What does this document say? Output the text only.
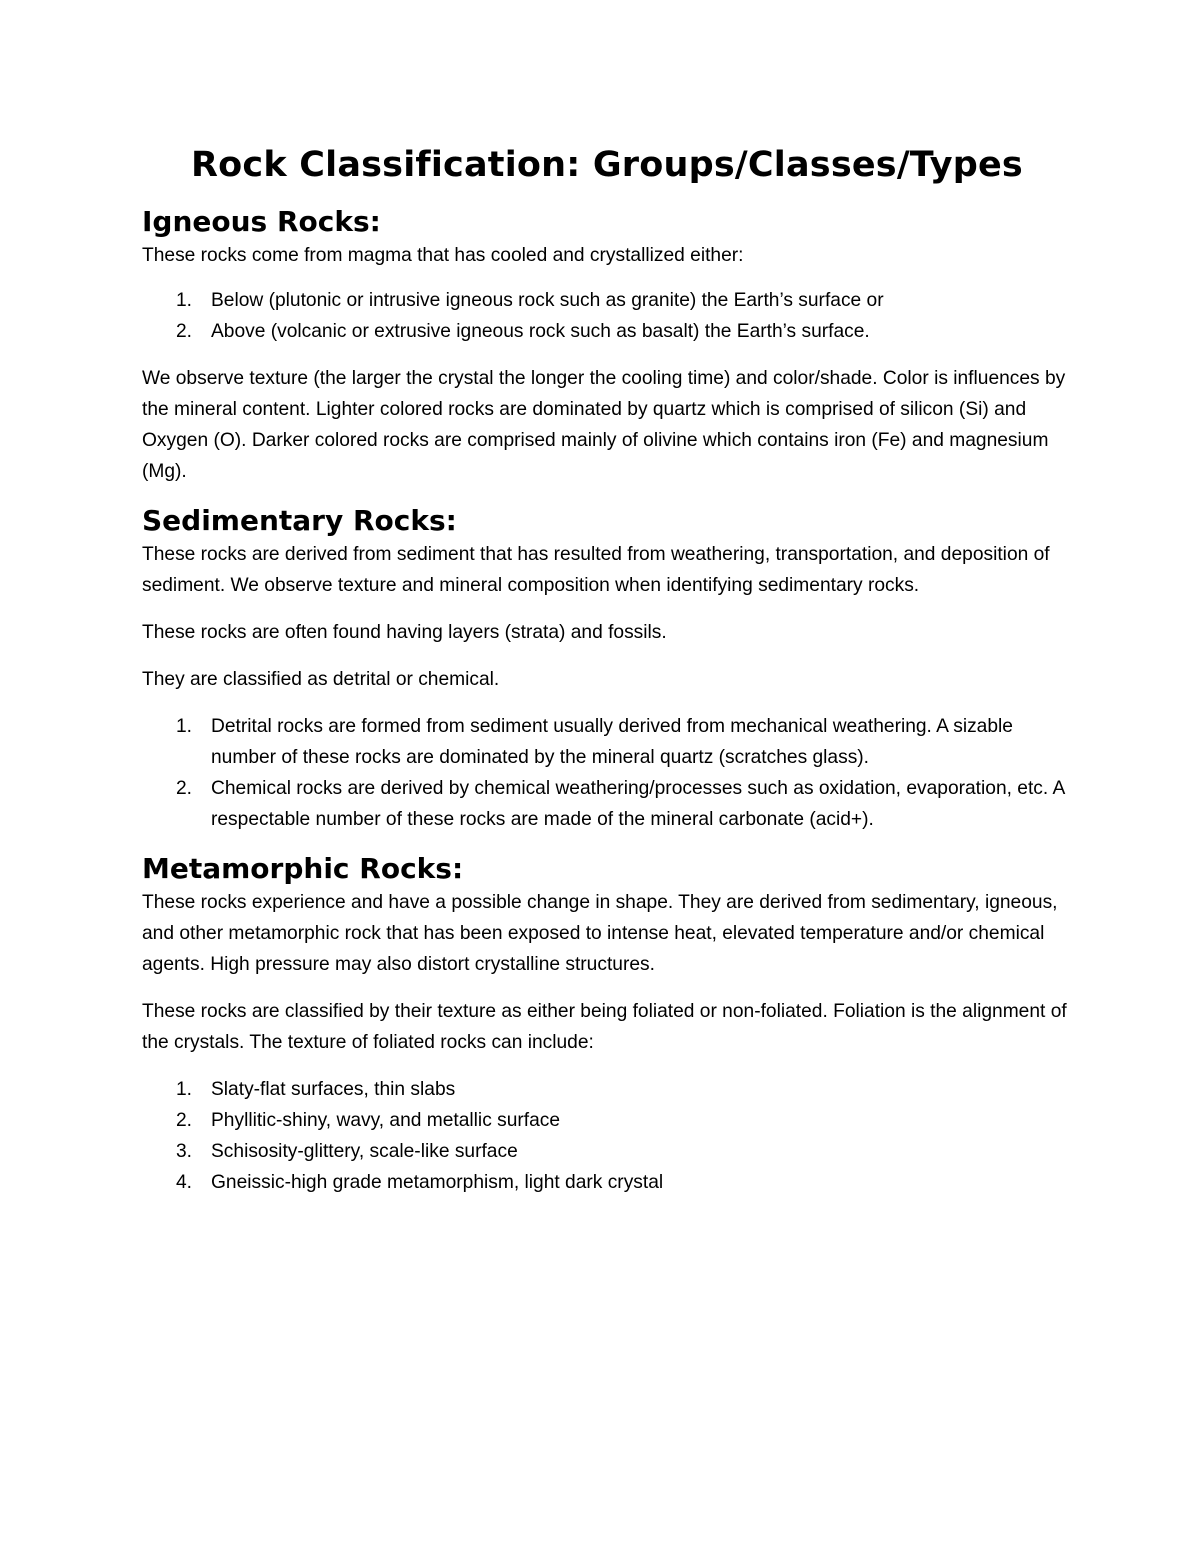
Rock Classification: Groups/Classes/Types
Igneous Rocks:

These rocks come from magma that has cooled and crystallized either:

1. Below (plutonic or intrusive igneous rock such as granite) the Earth’s surface or
2. Above (volcanic or extrusive igneous rock such as basalt) the Earth’s surface.

We observe texture (the larger the crystal the longer the cooling time) and color/shade. Color is influences by the mineral content. Lighter colored rocks are dominated by quartz which is comprised of silicon (Si) and Oxygen (O). Darker colored rocks are comprised mainly of olivine which contains iron (Fe) and magnesium (Mg).

Sedimentary Rocks:

These rocks are derived from sediment that has resulted from weathering, transportation, and deposition of sediment. We observe texture and mineral composition when identifying sedimentary rocks.

These rocks are often found having layers (strata) and fossils.

They are classified as detrital or chemical.

1. Detrital rocks are formed from sediment usually derived from mechanical weathering. A sizable number of these rocks are dominated by the mineral quartz (scratches glass).
2. Chemical rocks are derived by chemical weathering/processes such as oxidation, evaporation, etc. A respectable number of these rocks are made of the mineral carbonate (acid+).
Metamorphic Rocks:

These rocks experience and have a possible change in shape. They are derived from sedimentary, igneous, and other metamorphic rock that has been exposed to intense heat, elevated temperature and/or chemical agents. High pressure may also distort crystalline structures.

These rocks are classified by their texture as either being foliated or non-foliated. Foliation is the alignment of the crystals. The texture of foliated rocks can include:

1. Slaty-flat surfaces, thin slabs
2. Phyllitic-shiny, wavy, and metallic surface
3. Schisosity-glittery, scale-like surface
4. Gneissic-high grade metamorphism, light dark crystal
